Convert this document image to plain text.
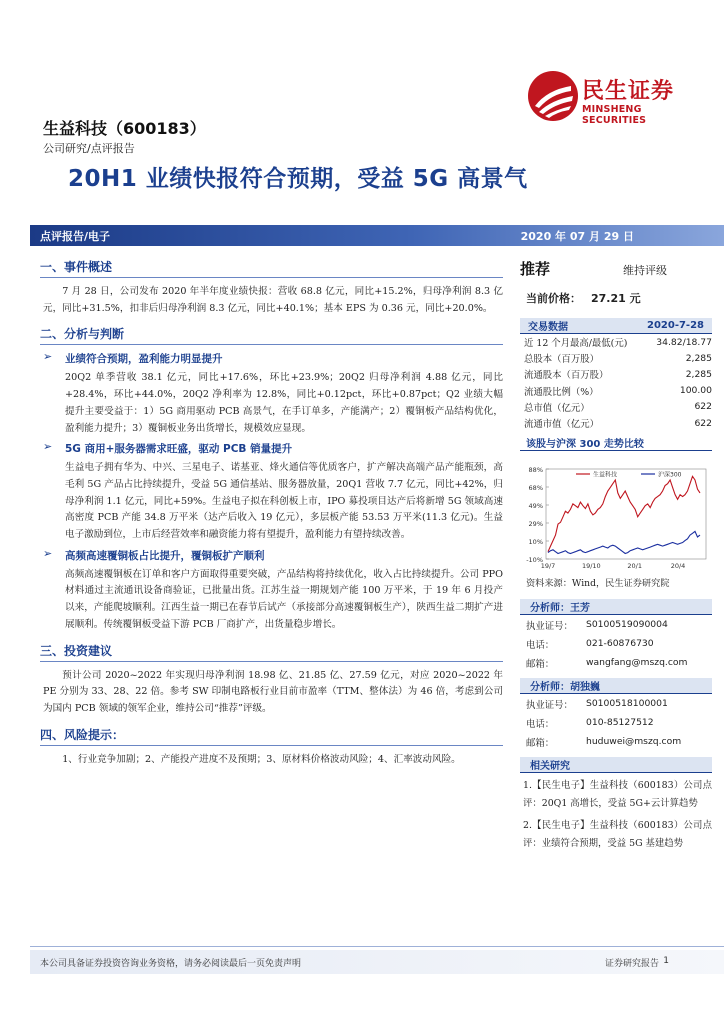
民生证券
MINSHENG SECURITIES
生益科技（600183）
公司研究/点评报告
20H1 业绩快报符合预期，受益 5G 高景气
点评报告/电子	2020 年 07 月 29 日
一、事件概述

7 月 28 日，公司发布 2020 年半年度业绩快报：营收 68.8 亿元，同比+15.2%，归母净利润 8.3 亿元，同比+31.5%，扣非后归母净利润 8.3 亿元，同比+40.1%；基本 EPS 为 0.36 元，同比+20.0%。

二、分析与判断
➢ 业绩符合预期，盈利能力明显提升

20Q2 单季营收 38.1 亿元，同比+17.6%，环比+23.9%；20Q2 归母净利润 4.88 亿元，同比+28.4%，环比+44.0%，20Q2 净利率为 12.8%，同比+0.12pct，环比+0.87pct；Q2 业绩大幅提升主要受益于：1）5G 商用驱动 PCB 高景气，在手订单多，产能满产；2）覆铜板产品结构优化，盈利能力提升；3）覆铜板业务出货增长，规模效应显现。

➢ 5G 商用+服务器需求旺盛，驱动 PCB 销量提升

生益电子拥有华为、中兴、三星电子、诺基亚、烽火通信等优质客户，扩产解决高端产品产能瓶颈，高毛利 5G 产品占比持续提升，受益 5G 通信基站、服务器放量，20Q1 营收 7.7 亿元，同比+42%，归母净利润 1.1 亿元，同比+59%。生益电子拟在科创板上市，IPO 募投项目达产后将新增 5G 领域高速高密度 PCB 产能 34.8 万平米（达产后收入 19 亿元），多层板产能 53.53 万平米(11.3 亿元)。生益电子激励到位，上市后经营效率和融资能力将有望提升，盈利能力有望持续改善。

➢ 高频高速覆铜板占比提升，覆铜板扩产顺利

高频高速覆铜板在订单和客户方面取得重要突破，产品结构将持续优化，收入占比持续提升。公司 PPO 材料通过主流通讯设备商验证，已批量出货。江苏生益一期规划产能 100 万平米，于 19 年 6 月投产以来，产能爬坡顺利。江西生益一期已在春节后试产（承接部分高速覆铜板生产），陕西生益二期扩产进展顺利。传统覆铜板受益下游 PCB 厂商扩产，出货量稳步增长。

三、投资建议

预计公司 2020~2022 年实现归母净利润 18.98 亿、21.85 亿、27.59 亿元，对应 2020~2022 年 PE 分别为 33、28、22 倍。参考 SW 印制电路板行业目前市盈率（TTM、整体法）为 46 倍，考虑到公司为国内 PCB 领域的领军企业，维持公司“推荐”评级。

四、风险提示：

1、行业竞争加剧；2、产能投产进度不及预期；3、原材料价格波动风险；4、汇率波动风险。

推荐	维持评级
当前价格： 27.21 元
交易数据	2020-7-28
近 12 个月最高/最低(元)	34.82/18.77
总股本（百万股）	2,285
流通股本（百万股）	2,285
流通股比例（%）	100.00
总市值（亿元）	622
流通市值（亿元）	622
该股与沪深 300 走势比较
88%
68%
49%
29%
10%
-10%
19/7	19/10	20/1	20/4
生益科技	沪深300
资料来源：Wind，民生证券研究院
分析师：王芳
执业证号：	S0100519090004
电话：	021-60876730
邮箱：	wangfang@mszq.com
分析师：胡独巍
执业证号：	S0100518100001
电话：	010-85127512
邮箱：	huduwei@mszq.com
相关研究

1.【民生电子】生益科技（600183）公司点评：20Q1 高增长，受益 5G+云计算趋势

2.【民生电子】生益科技（600183）公司点评：业绩符合预期，受益 5G 基建趋势

本公司具备证券投资咨询业务资格，请务必阅读最后一页免责声明	证券研究报告 1
